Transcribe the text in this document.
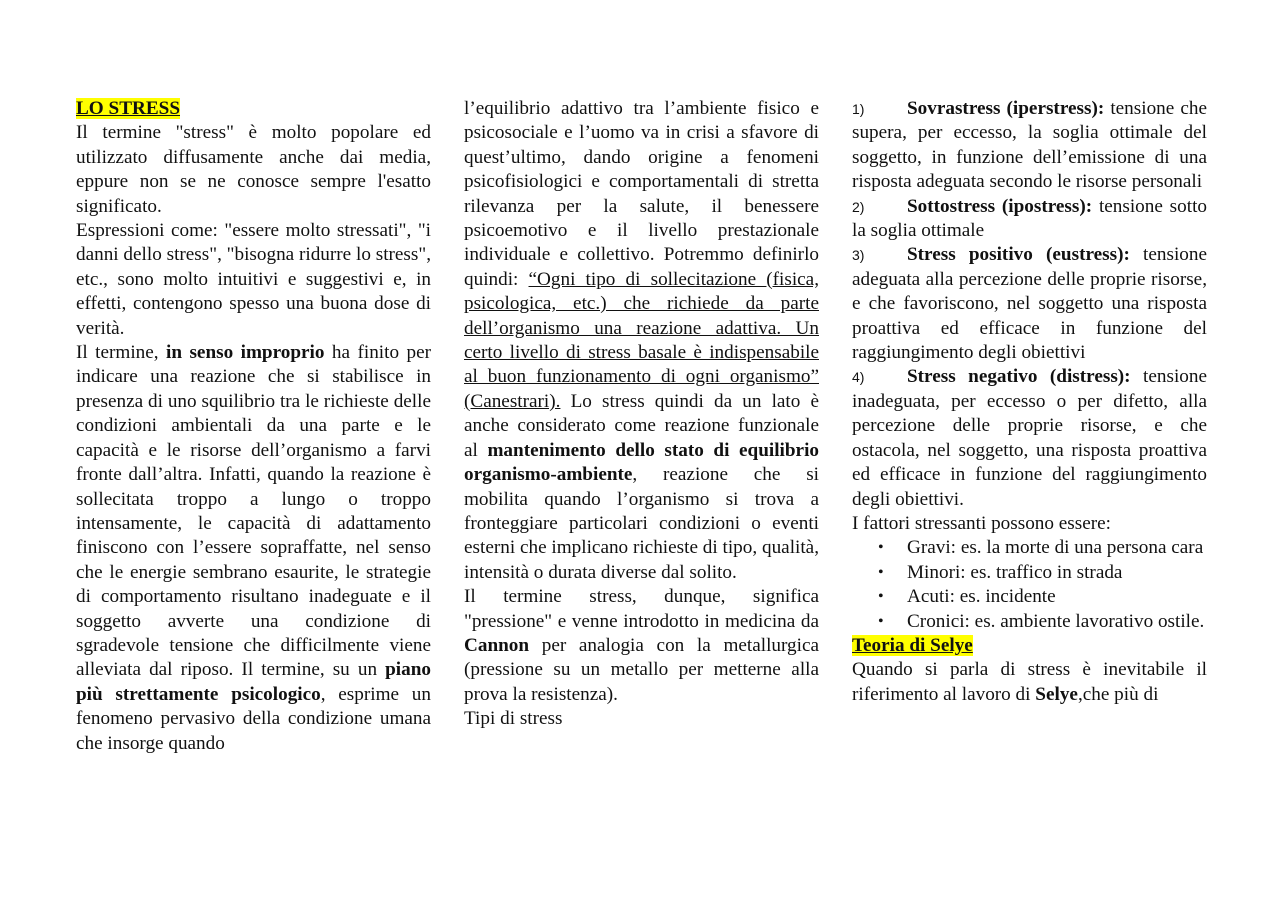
LO STRESS

Il termine "stress" è molto popolare ed utilizzato diffusamente anche dai media, eppure non se ne conosce sempre l'esatto significato.

Espressioni come: "essere molto stressati", "i danni dello stress", "bisogna ridurre lo stress", etc., sono molto intuitivi e suggestivi e, in effetti, contengono spesso una buona dose di verità.

Il termine, in senso improprio ha finito per indicare una reazione che si stabilisce in presenza di uno squilibrio tra le richieste delle condizioni ambientali da una parte e le capacità e le risorse dell’organismo a farvi fronte dall’altra. Infatti, quando la reazione è sollecitata troppo a lungo o troppo intensamente, le capacità di adattamento finiscono con l’essere sopraffatte, nel senso che le energie sembrano esaurite, le strategie di comportamento risultano inadeguate e il soggetto avverte una condizione di sgradevole tensione che difficilmente viene alleviata dal riposo. Il termine, su un piano più strettamente psicologico, esprime un fenomeno pervasivo della condizione umana che insorge quando

l’equilibrio adattivo tra l’ambiente fisico e psicosociale e l’uomo va in crisi a sfavore di quest’ultimo, dando origine a fenomeni psicofisiologici e comportamentali di stretta rilevanza per la salute, il benessere psicoemotivo e il livello prestazionale individuale e collettivo. Potremmo definirlo quindi: “Ogni tipo di sollecitazione (fisica, psicologica, etc.) che richiede da parte dell’organismo una reazione adattiva. Un certo livello di stress basale è indispensabile al buon funzionamento di ogni organismo” (Canestrari). Lo stress quindi da un lato è anche considerato come reazione funzionale al mantenimento dello stato di equilibrio organismo-ambiente, reazione che si mobilita quando l’organismo si trova a fronteggiare particolari condizioni o eventi esterni che implicano richieste di tipo, qualità, intensità o durata diverse dal solito.

Il termine stress, dunque, significa "pressione" e venne introdotto in medicina da Cannon per analogia con la metallurgica (pressione su un metallo per metterne alla prova la resistenza).

Tipi di stress

1) Sovrastress (iperstress): tensione che supera, per eccesso, la soglia ottimale del soggetto, in funzione dell’emissione di una risposta adeguata secondo le risorse personali

2) Sottostress (ipostress): tensione sotto la soglia ottimale

3) Stress positivo (eustress): tensione adeguata alla percezione delle proprie risorse, e che favoriscono, nel soggetto una risposta proattiva ed efficace in funzione del raggiungimento degli obiettivi

4) Stress negativo (distress): tensione inadeguata, per eccesso o per difetto, alla percezione delle proprie risorse, e che ostacola, nel soggetto, una risposta proattiva ed efficace in funzione del raggiungimento degli obiettivi.

I fattori stressanti possono essere:

• Gravi: es. la morte di una persona cara
• Minori: es. traffico in strada
• Acuti: es. incidente
• Cronici: es. ambiente lavorativo ostile.

Teoria di Selye

Quando si parla di stress è inevitabile il riferimento al lavoro di Selye,che più di
